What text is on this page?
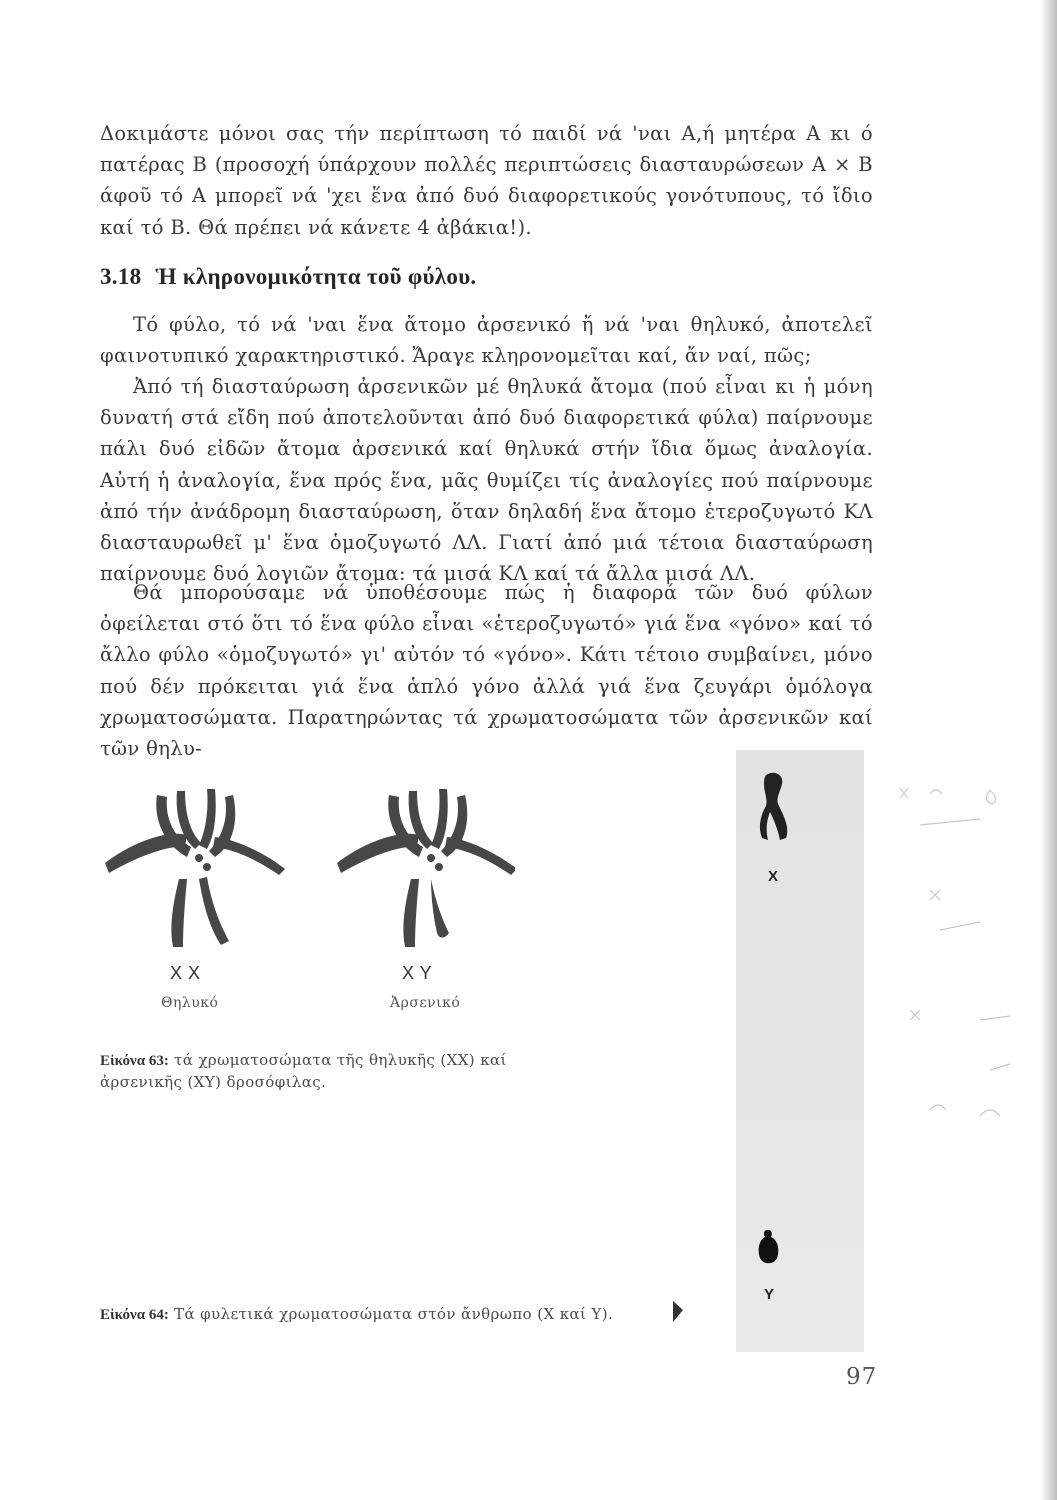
Δοκιμάστε μόνοι σας τήν περίπτωση τό παιδί νά 'ναι Α,ή μητέρα Α κι ό πατέρας Β (προσοχή ύπάρχουν πολλές περιπτώσεις διασταυρώσεων Α × Β άφοῦ τό Α μπορεῖ νά 'χει ἕνα ἀπό δυό διαφορετικούς γονότυπους, τό ἴδιο καί τό Β. Θά πρέπει νά κάνετε 4 ἀβάκια!).

3.18 Ἡ κληρονομικότητα τοῦ φύλου.

Τό φύλο, τό νά 'ναι ἕνα ἄτομο ἀρσενικό ἤ νά 'ναι θηλυκό, ἀποτελεῖ φαινοτυπικό χαρακτηριστικό. Ἄραγε κληρονομεῖται καί, ἄν ναί, πῶς;

Ἀπό τή διασταύρωση ἀρσενικῶν μέ θηλυκά ἄτομα (πού εἶναι κι ἡ μόνη δυνατή στά εἴδη πού ἀποτελοῦνται ἀπό δυό διαφορετικά φύλα) παίρνουμε πάλι δυό εἰδῶν ἄτομα ἀρσενικά καί θηλυκά στήν ἴδια ὅμως ἀναλογία. Αὐτή ἡ ἀναλογία, ἕνα πρός ἕνα, μᾶς θυμίζει τίς ἀναλογίες πού παίρνουμε ἀπό τήν ἀνάδρομη διασταύρωση, ὅταν δηλαδή ἕνα ἄτομο ἑτεροζυγωτό ΚΛ διασταυρωθεῖ μ' ἕνα ὁμοζυγωτό ΛΛ. Γιατί ἀπό μιά τέτοια διασταύρωση παίρνουμε δυό λογιῶν ἄτομα: τά μισά ΚΛ καί τά ἄλλα μισά ΛΛ.

Θά μπορούσαμε νά ὑποθέσουμε πώς ἡ διαφορά τῶν δυό φύλων ὀφείλεται στό ὅτι τό ἕνα φύλο εἶναι «ἑτεροζυγωτό» γιά ἕνα «γόνο» καί τό ἄλλο φύλο «ὁμοζυγωτό» γι' αὐτόν τό «γόνο». Κάτι τέτοιο συμβαίνει, μόνο πού δέν πρόκειται γιά ἕνα ἁπλό γόνο ἀλλά γιά ἕνα ζευγάρι ὁμόλογα χρωματοσώματα. Παρατηρώντας τά χρωματοσώματα τῶν ἀρσενικῶν καί τῶν θηλυ-

X X
Θηλυκό
X Y
Ἀρσενικό

Εἰκόνα 63: τά χρωματοσώματα τῆς θηλυκῆς (ΧΧ) καί ἀρσενικῆς (ΧΥ) δροσόφιλας.

X
Y

Εἰκόνα 64: Τά φυλετικά χρωματοσώματα στόν ἄνθρωπο (Χ καί Υ).

97
